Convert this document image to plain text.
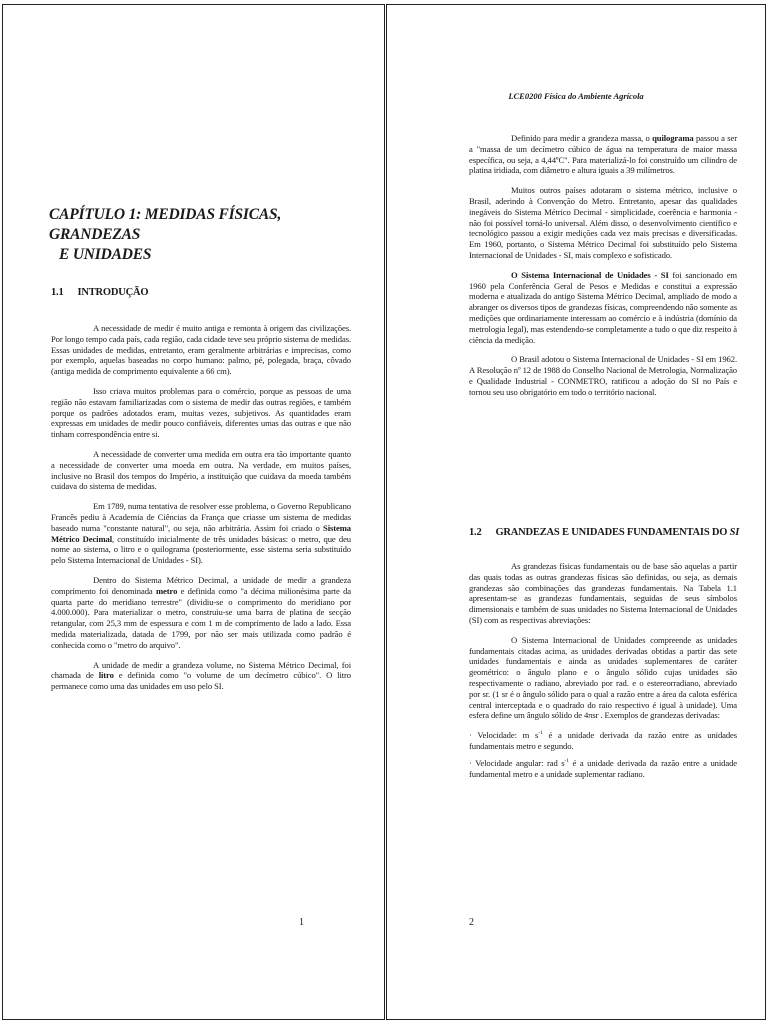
CAPÍTULO 1: MEDIDAS FÍSICAS, GRANDEZAS
E UNIDADES
1.1 INTRODUÇÃO

A necessidade de medir é muito antiga e remonta à origem das civilizações. Por longo tempo cada país, cada região, cada cidade teve seu próprio sistema de medidas. Essas unidades de medidas, entretanto, eram geralmente arbitrárias e imprecisas, como por exemplo, aquelas baseadas no corpo humano: palmo, pé, polegada, braça, côvado (antiga medida de comprimento equivalente a 66 cm).

Isso criava muitos problemas para o comércio, porque as pessoas de uma região não estavam familiarizadas com o sistema de medir das outras regiões, e também porque os padrões adotados eram, muitas vezes, subjetivos. As quantidades eram expressas em unidades de medir pouco confiáveis, diferentes umas das outras e que não tinham correspondência entre si.

A necessidade de converter uma medida em outra era tão importante quanto a necessidade de converter uma moeda em outra. Na verdade, em muitos países, inclusive no Brasil dos tempos do Império, a instituição que cuidava da moeda também cuidava do sistema de medidas.

Em 1789, numa tentativa de resolver esse problema, o Governo Republicano Francês pediu à Academia de Ciências da França que criasse um sistema de medidas baseado numa "constante natural", ou seja, não arbitrária. Assim foi criado o Sistema Métrico Decimal, constituído inicialmente de três unidades básicas: o metro, que deu nome ao sistema, o litro e o quilograma (posteriormente, esse sistema seria substituído pelo Sistema Internacional de Unidades - SI).

Dentro do Sistema Métrico Decimal, a unidade de medir a grandeza comprimento foi denominada metro e definida como "a décima milionésima parte da quarta parte do meridiano terrestre" (dividiu-se o comprimento do meridiano por 4.000.000). Para materializar o metro, construiu-se uma barra de platina de secção retangular, com 25,3 mm de espessura e com 1 m de comprimento de lado a lado. Essa medida materializada, datada de 1799, por não ser mais utilizada como padrão é conhecida como o "metro do arquivo".

A unidade de medir a grandeza volume, no Sistema Métrico Decimal, foi chamada de litro e definida como "o volume de um decímetro cúbico". O litro permanece como uma das unidades em uso pelo SI.

1
LCE0200 Física do Ambiente Agrícola

Definido para medir a grandeza massa, o quilograma passou a ser a "massa de um decímetro cúbico de água na temperatura de maior massa específica, ou seja, a 4,44ºC". Para materializá-lo foi construído um cilindro de platina iridiada, com diâmetro e altura iguais a 39 milímetros.

Muitos outros países adotaram o sistema métrico, inclusive o Brasil, aderindo à Convenção do Metro. Entretanto, apesar das qualidades inegáveis do Sistema Métrico Decimal - simplicidade, coerência e harmonia - não foi possível torná-lo universal. Além disso, o desenvolvimento científico e tecnológico passou a exigir medições cada vez mais precisas e diversificadas. Em 1960, portanto, o Sistema Métrico Decimal foi substituído pelo Sistema Internacional de Unidades - SI, mais complexo e sofisticado.

O Sistema Internacional de Unidades - SI foi sancionado em 1960 pela Conferência Geral de Pesos e Medidas e constitui a expressão moderna e atualizada do antigo Sistema Métrico Decimal, ampliado de modo a abranger os diversos tipos de grandezas físicas, compreendendo não somente as medições que ordinariamente interessam ao comércio e à indústria (domínio da metrologia legal), mas estendendo-se completamente a tudo o que diz respeito à ciência da medição.

O Brasil adotou o Sistema Internacional de Unidades - SI em 1962. A Resolução nº 12 de 1988 do Conselho Nacional de Metrologia, Normalização e Qualidade Industrial - CONMETRO, ratificou a adoção do SI no País e tornou seu uso obrigatório em todo o território nacional.

1.2 GRANDEZAS E UNIDADES FUNDAMENTAIS DO SI

As grandezas físicas fundamentais ou de base são aquelas a partir das quais todas as outras grandezas físicas são definidas, ou seja, as demais grandezas são combinações das grandezas fundamentais. Na Tabela 1.1 apresentam-se as grandezas fundamentais, seguidas de seus símbolos dimensionais e também de suas unidades no Sistema Internacional de Unidades (SI) com as respectivas abreviações:

O Sistema Internacional de Unidades compreende as unidades fundamentais citadas acima, as unidades derivadas obtidas a partir das sete unidades fundamentais e ainda as unidades suplementares de caráter geométrico: o ângulo plano e o ângulo sólido cujas unidades são respectivamente o radiano, abreviado por rad. e o estereorradiano, abreviado por sr. (1 sr é o ângulo sólido para o qual a razão entre a área da calota esférica central interceptada e o quadrado do raio respectivo é igual à unidade). Uma esfera define um ângulo sólido de 4πsr . Exemplos de grandezas derivadas:

· Velocidade: m $s^{-1}$ é a unidade derivada da razão entre as unidades fundamentais metro e segundo.

· Velocidade angular: rad $s^{-1}$ é a unidade derivada da razão entre a unidade fundamental metro e a unidade suplementar radiano.

2
